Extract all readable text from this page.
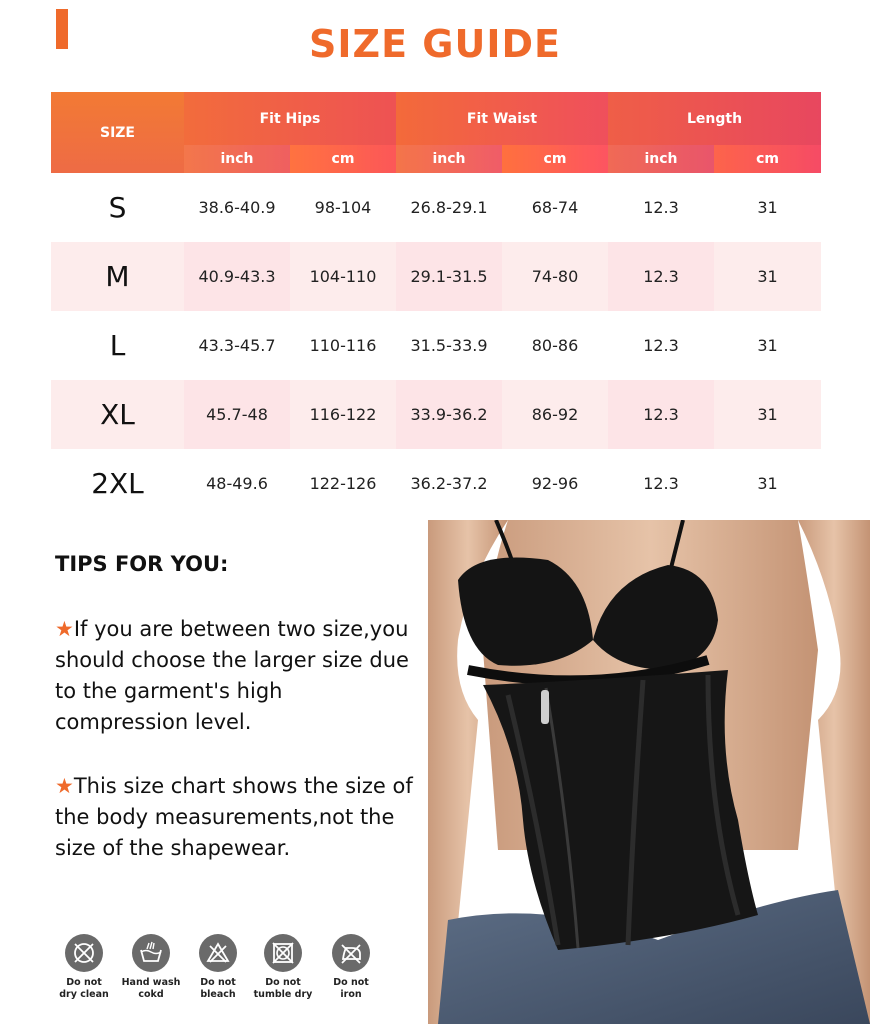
SIZE GUIDE
SIZE	Fit Hips		Fit Waist		Length	
	inch	cm	inch	cm	inch	cm
S	38.6-40.9	98-104	26.8-29.1	68-74	12.3	31
M	40.9-43.3	104-110	29.1-31.5	74-80	12.3	31
L	43.3-45.7	110-116	31.5-33.9	80-86	12.3	31
XL	45.7-48	116-122	33.9-36.2	86-92	12.3	31
2XL	48-49.6	122-126	36.2-37.2	92-96	12.3	31
TIPS FOR YOU:
★If you are between two size,you should choose the larger size due to the garment's high compression level.
★This size chart shows the size of the body measurements,not the size of the shapewear.
Do not
dry clean
Hand wash
cokd
Do not
bleach
Do not
tumble dry
Do not
iron
